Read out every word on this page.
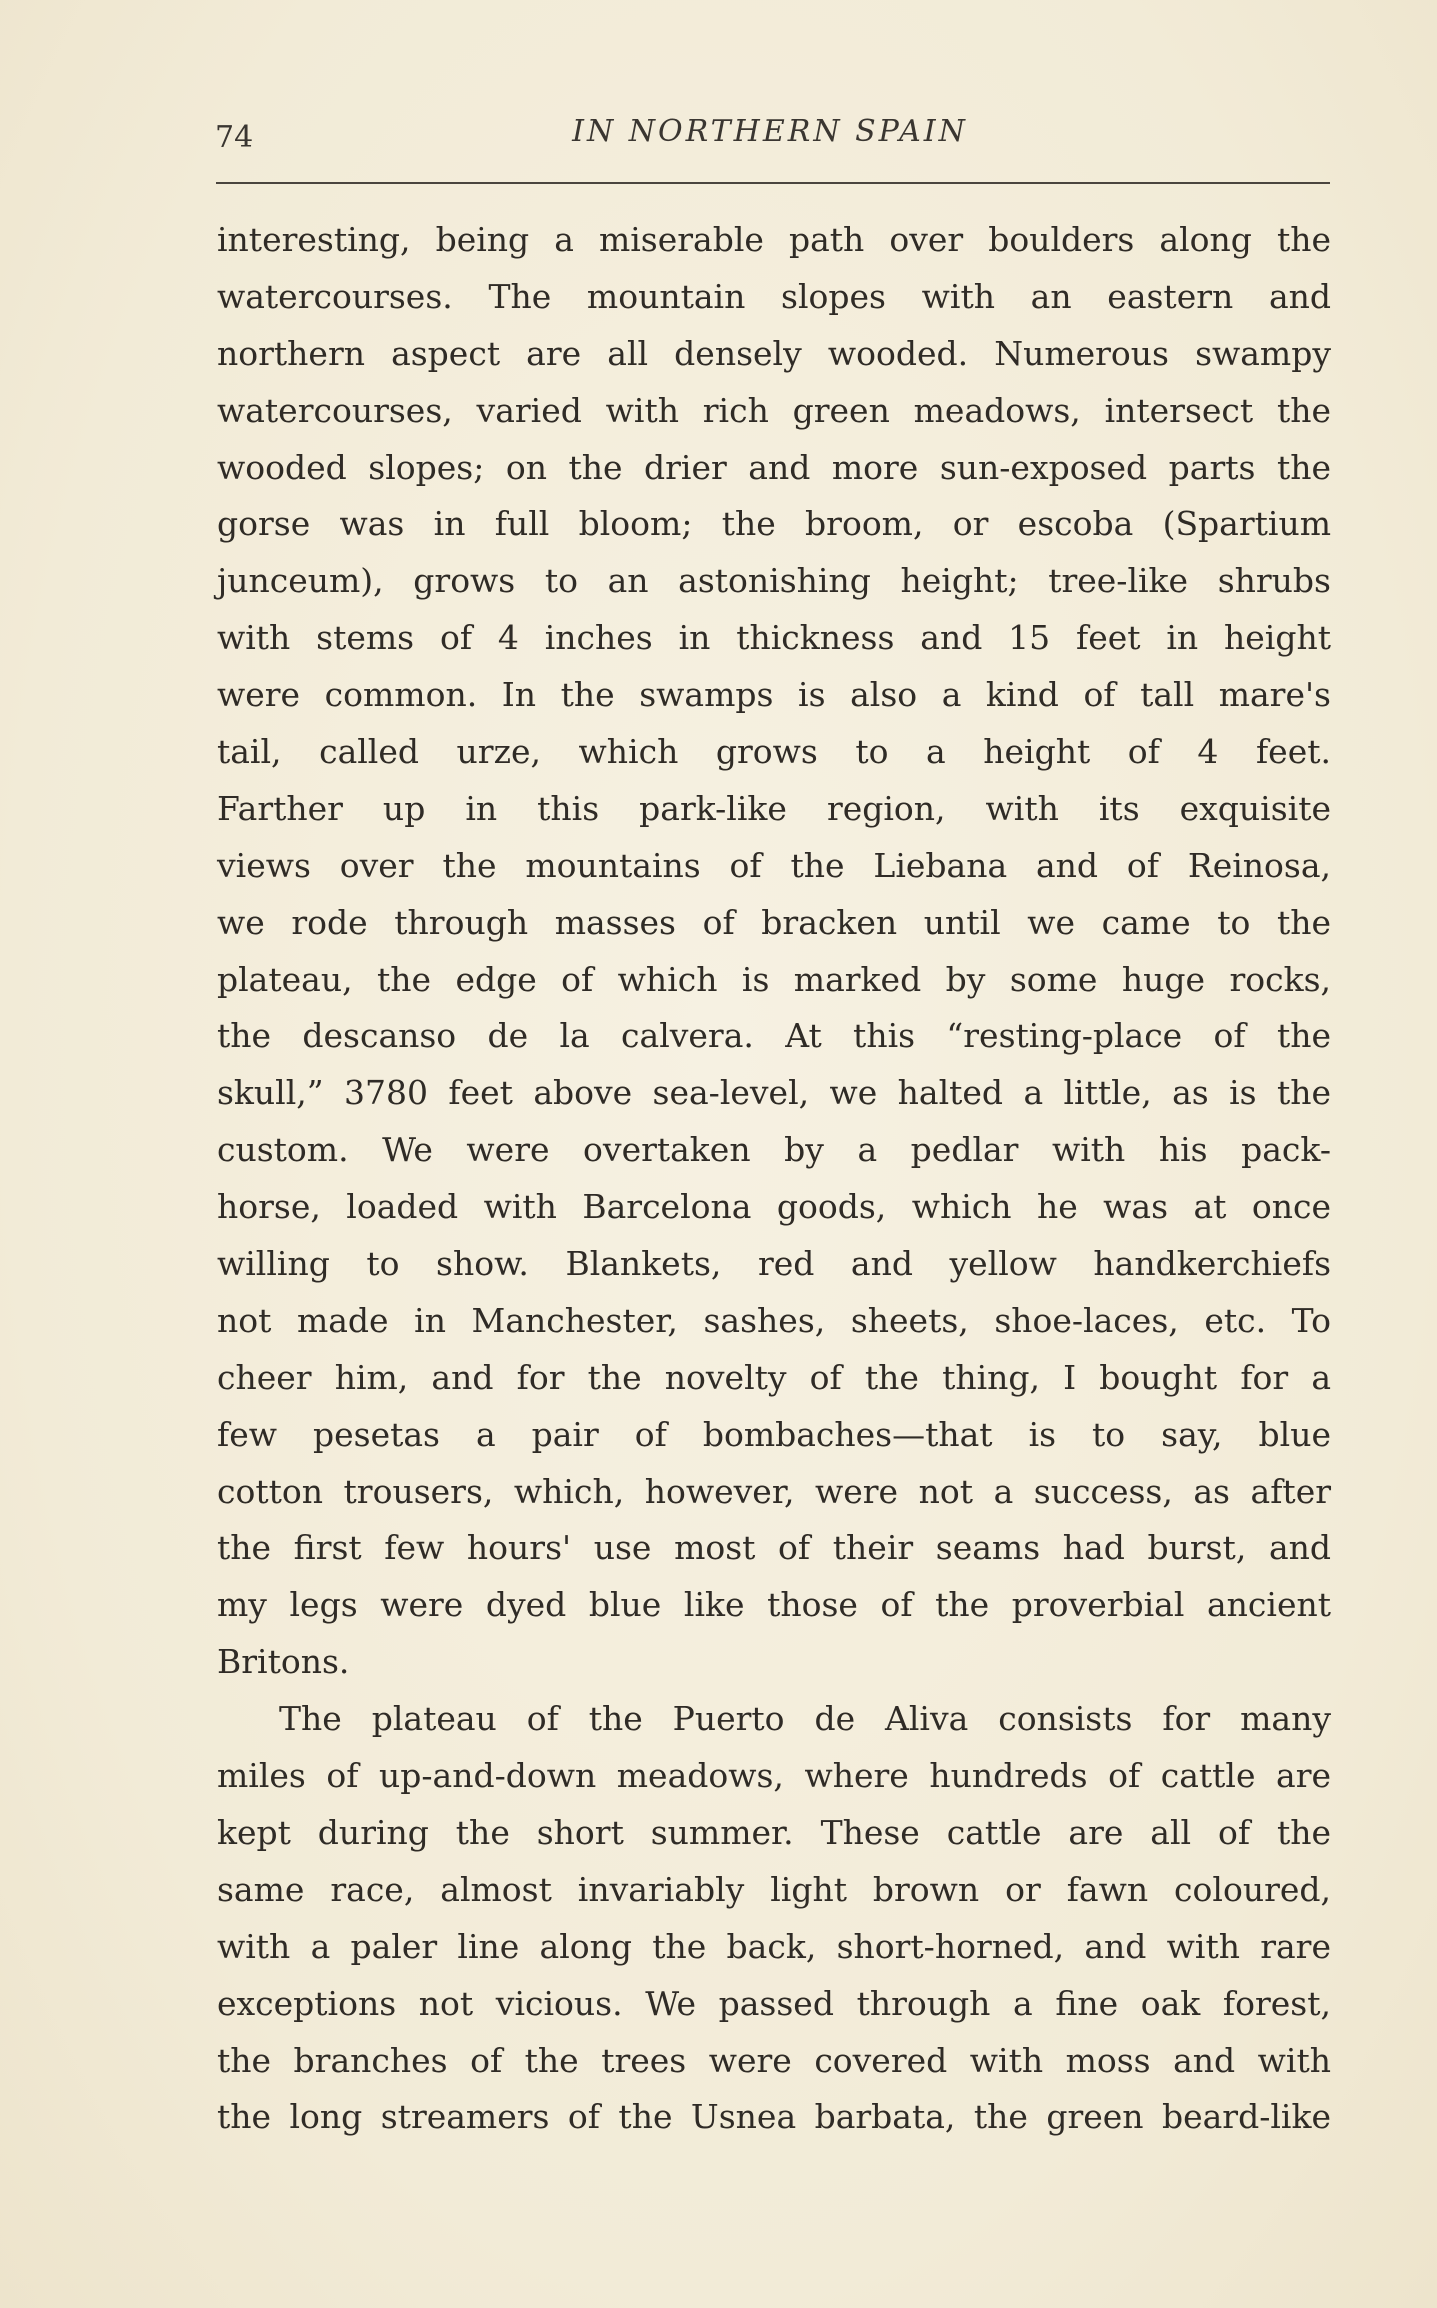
74	IN NORTHERN SPAIN
interesting, being a miserable path over boulders along the
watercourses. The mountain slopes with an eastern and
northern aspect are all densely wooded. Numerous swampy
watercourses, varied with rich green meadows, intersect the
wooded slopes; on the drier and more sun-exposed parts the
gorse was in full bloom; the broom, or escoba (Spartium
junceum), grows to an astonishing height; tree-like shrubs
with stems of 4 inches in thickness and 15 feet in height
were common. In the swamps is also a kind of tall mare's
tail, called urze, which grows to a height of 4 feet.
Farther up in this park-like region, with its exquisite
views over the mountains of the Liebana and of Reinosa,
we rode through masses of bracken until we came to the
plateau, the edge of which is marked by some huge rocks,
the descanso de la calvera. At this “resting-place of the
skull,” 3780 feet above sea-level, we halted a little, as is the
custom. We were overtaken by a pedlar with his pack-
horse, loaded with Barcelona goods, which he was at once
willing to show. Blankets, red and yellow handkerchiefs
not made in Manchester, sashes, sheets, shoe-laces, etc. To
cheer him, and for the novelty of the thing, I bought for a
few pesetas a pair of bombaches—that is to say, blue
cotton trousers, which, however, were not a success, as after
the first few hours' use most of their seams had burst, and
my legs were dyed blue like those of the proverbial ancient
Britons.
The plateau of the Puerto de Aliva consists for many
miles of up-and-down meadows, where hundreds of cattle are
kept during the short summer. These cattle are all of the
same race, almost invariably light brown or fawn coloured,
with a paler line along the back, short-horned, and with rare
exceptions not vicious. We passed through a fine oak forest,
the branches of the trees were covered with moss and with
the long streamers of the Usnea barbata, the green beard-like
